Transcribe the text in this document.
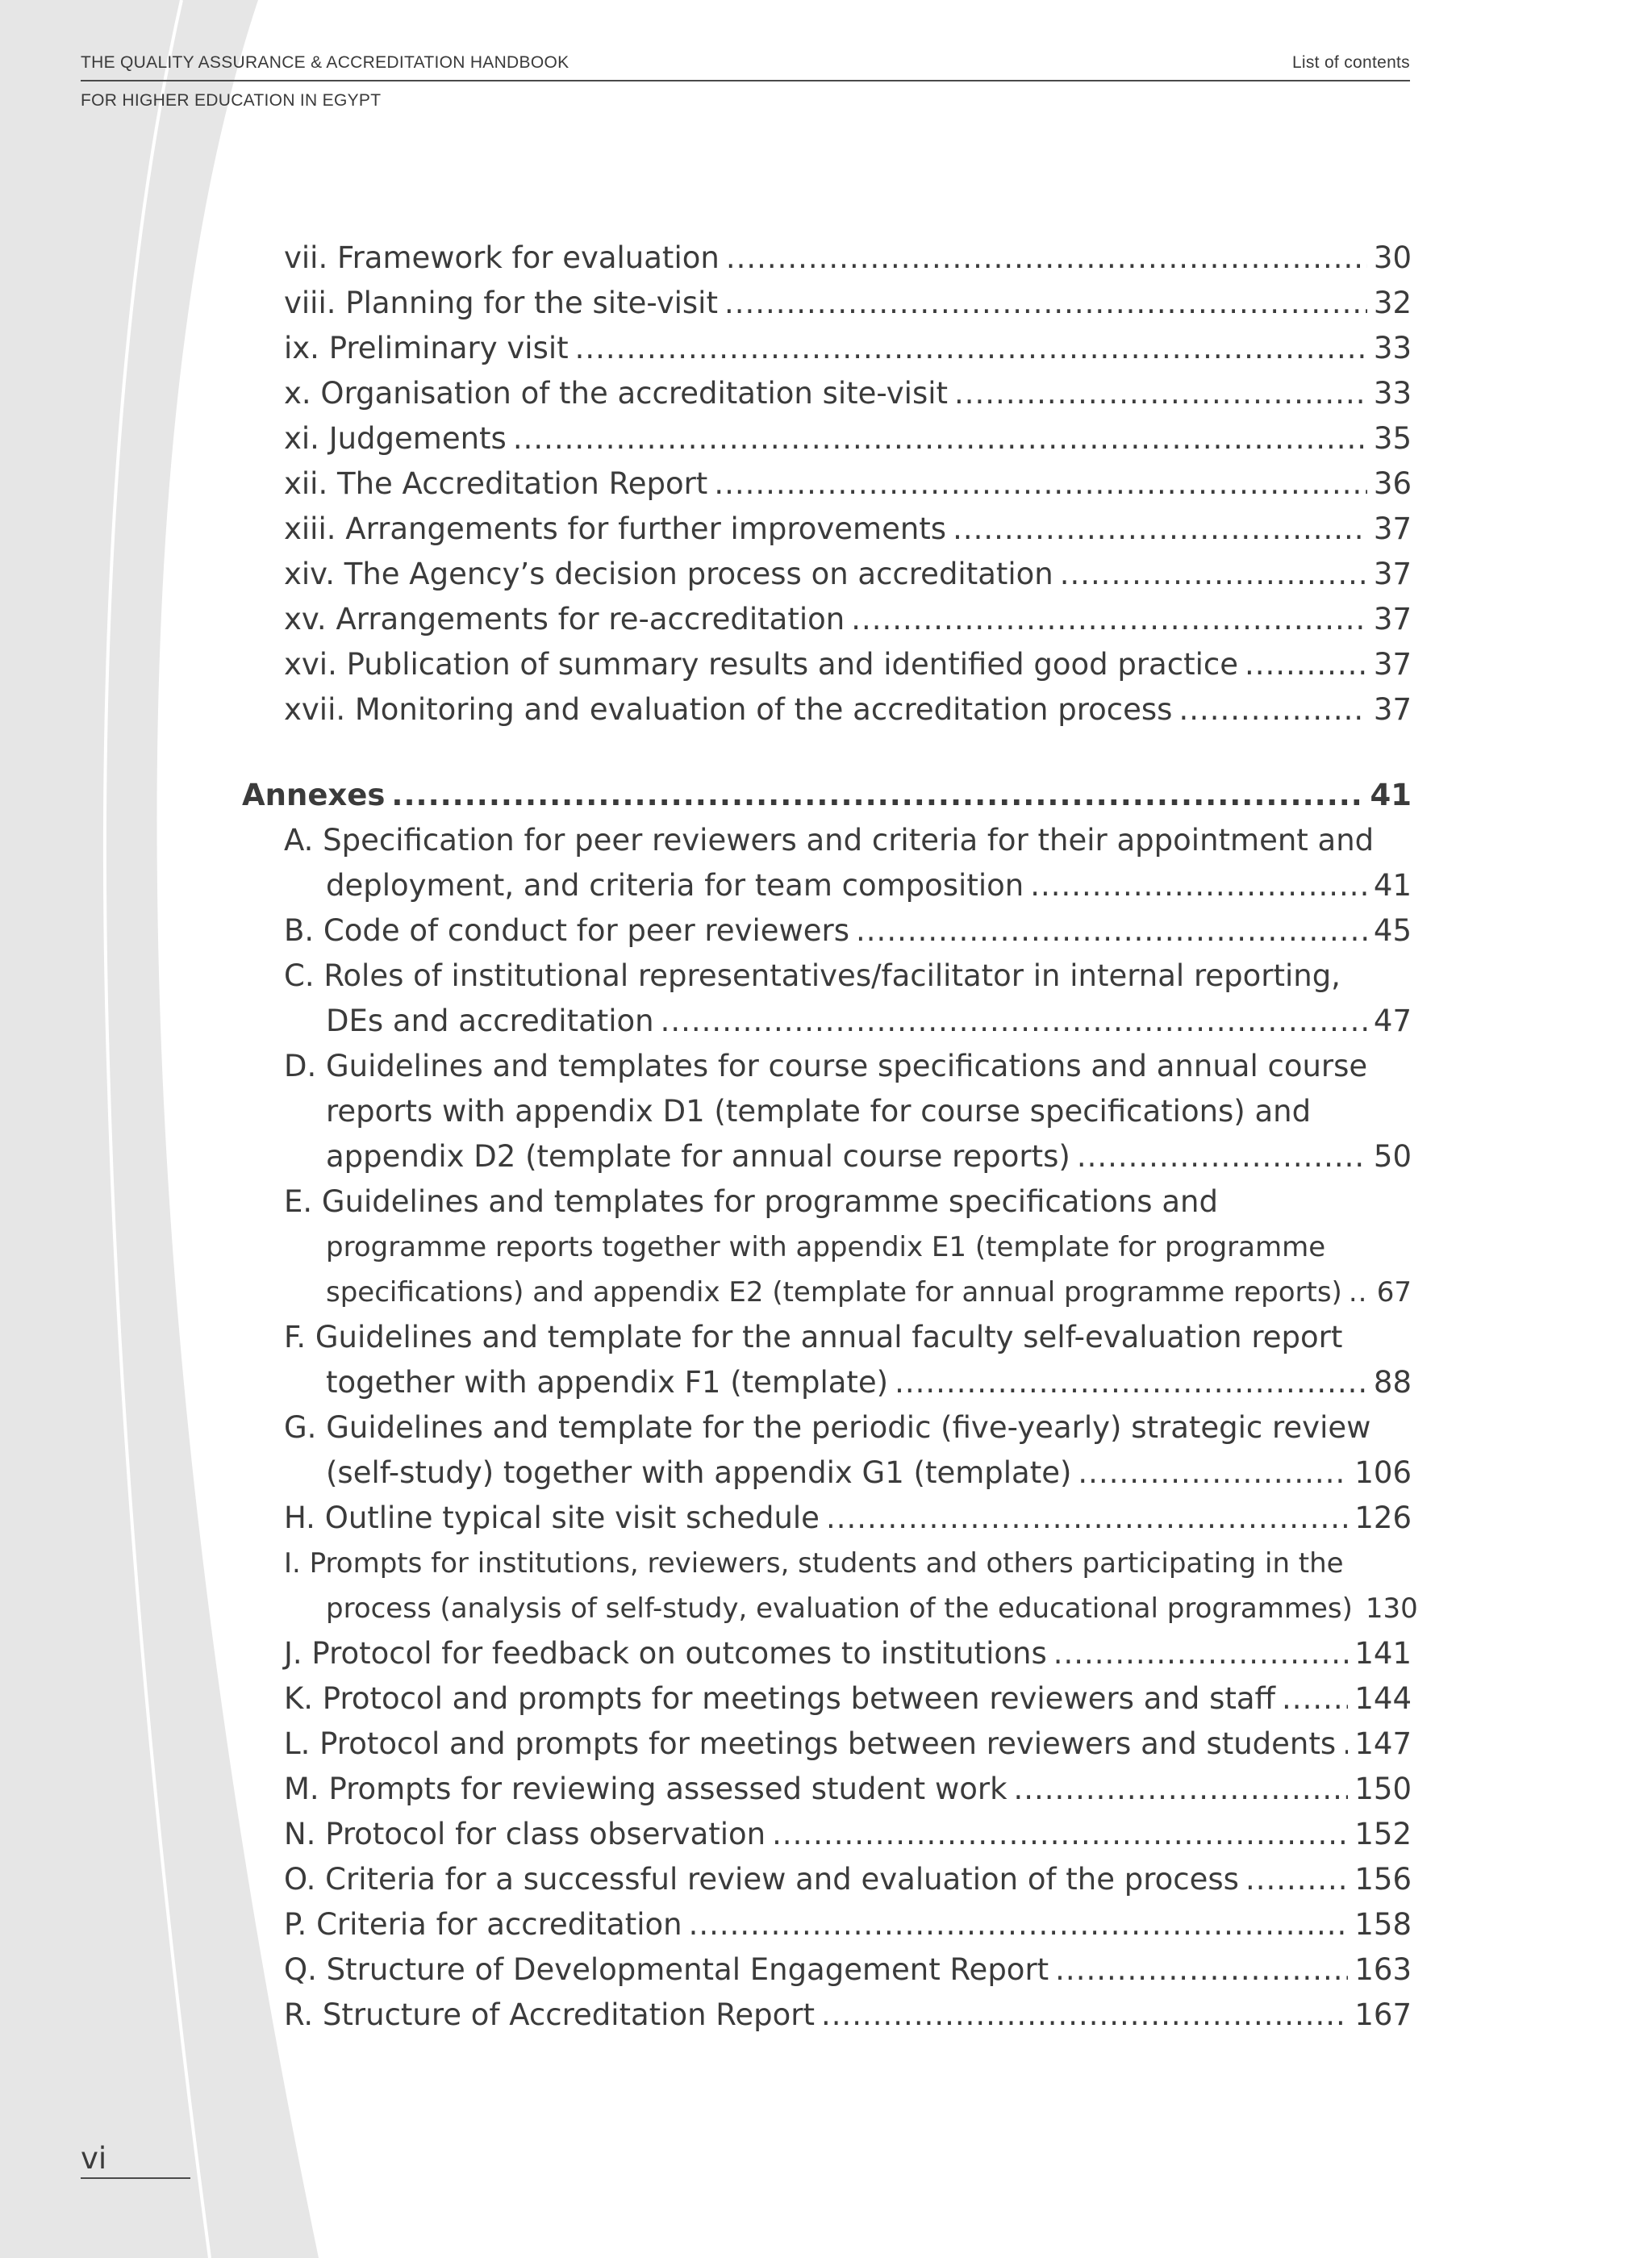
THE QUALITY ASSURANCE & ACCREDITATION HANDBOOK	List of contents
FOR HIGHER EDUCATION IN EGYPT
vii. Framework for evaluation .....	30
viii. Planning for the site-visit .....	32
ix. Preliminary visit .....	33
x. Organisation of the accreditation site-visit .....	33
xi. Judgements .....	35
xii. The Accreditation Report .....	36
xiii. Arrangements for further improvements .....	37
xiv. The Agency’s decision process on accreditation .....	37
xv. Arrangements for re-accreditation .....	37
xvi. Publication of summary results and identified good practice .....	37
xvii. Monitoring and evaluation of the accreditation process .....	37
Annexes .....	41
A. Specification for peer reviewers and criteria for their appointment and
deployment, and criteria for team composition .....	41
B. Code of conduct for peer reviewers .....	45
C. Roles of institutional representatives/facilitator in internal reporting,
DEs and accreditation .....	47
D. Guidelines and templates for course specifications and annual course
reports with appendix D1 (template for course specifications) and
appendix D2 (template for annual course reports) .....	50
E. Guidelines and templates for programme specifications and
programme reports together with appendix E1 (template for programme
specifications) and appendix E2 (template for annual programme reports) ..... 67
F. Guidelines and template for the annual faculty self-evaluation report
together with appendix F1 (template) .....	88
G. Guidelines and template for the periodic (five-yearly) strategic review
(self-study) together with appendix G1 (template) .....	106
H. Outline typical site visit schedule .....	126
I. Prompts for institutions, reviewers, students and others participating in the
process (analysis of self-study, evaluation of the educational programmes) 130
J. Protocol for feedback on outcomes to institutions .....	141
K. Protocol and prompts for meetings between reviewers and staff .....	144
L. Protocol and prompts for meetings between reviewers and students ..... 147
M. Prompts for reviewing assessed student work .....	150
N. Protocol for class observation .....	152
O. Criteria for a successful review and evaluation of the process .....	156
P. Criteria for accreditation .....	158
Q. Structure of Developmental Engagement Report .....	163
R. Structure of Accreditation Report .....	167
vi
